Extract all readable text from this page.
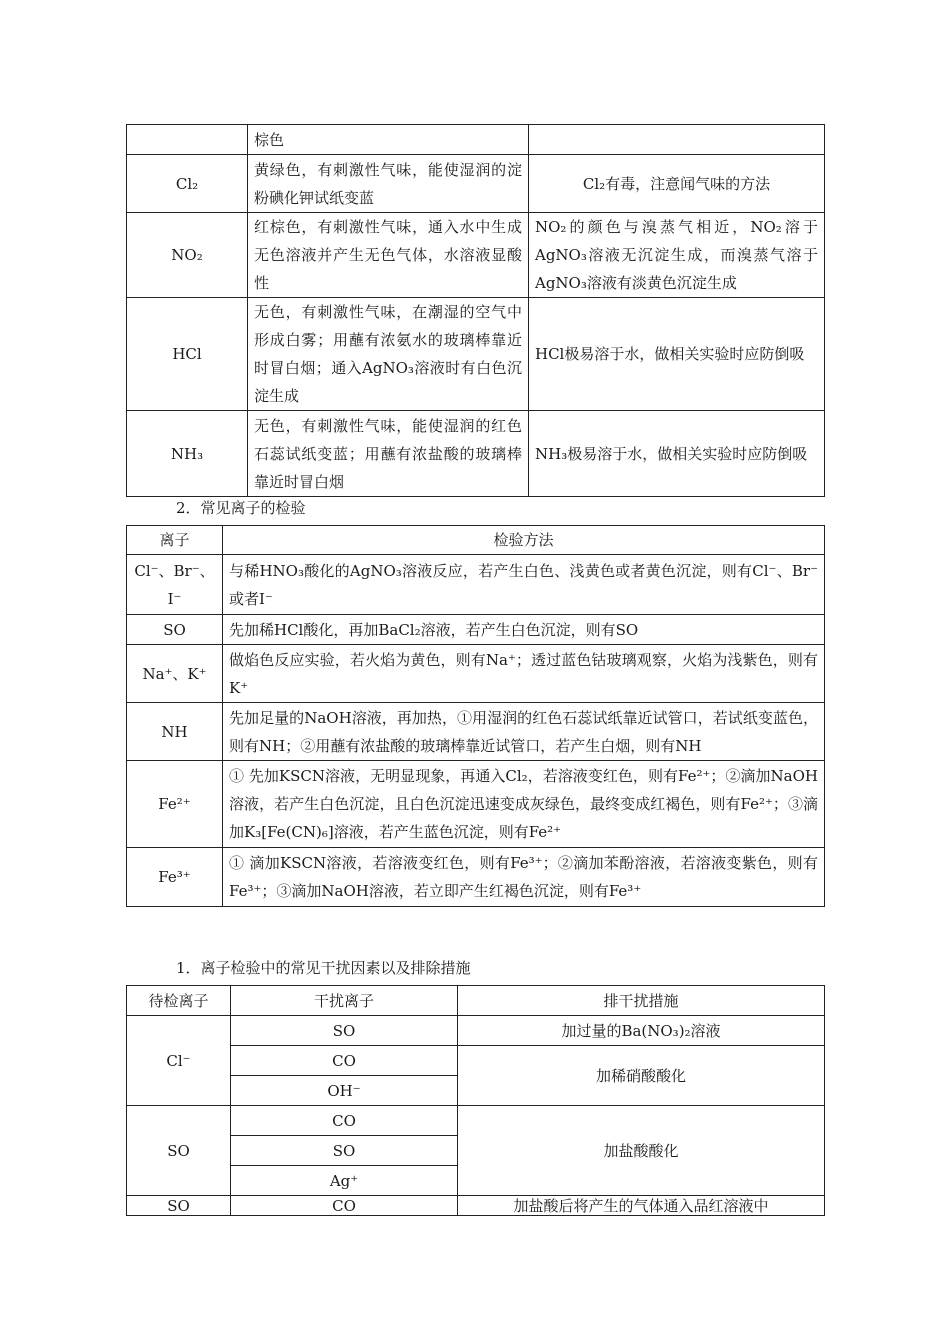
	棕色	
Cl₂	黄绿色，有刺激性气味，能使湿润的淀粉碘化钾试纸变蓝	Cl₂有毒，注意闻气味的方法
NO₂	红棕色，有刺激性气味，通入水中生成无色溶液并产生无色气体，水溶液显酸性	NO₂的颜色与溴蒸气相近，NO₂溶于AgNO₃溶液无沉淀生成，而溴蒸气溶于AgNO₃溶液有淡黄色沉淀生成
HCl	无色，有刺激性气味，在潮湿的空气中形成白雾；用蘸有浓氨水的玻璃棒靠近时冒白烟；通入AgNO₃溶液时有白色沉淀生成	HCl极易溶于水，做相关实验时应防倒吸
NH₃	无色，有刺激性气味，能使湿润的红色石蕊试纸变蓝；用蘸有浓盐酸的玻璃棒靠近时冒白烟	NH₃极易溶于水，做相关实验时应防倒吸
2．常见离子的检验
离子	检验方法
Cl⁻、Br⁻、I⁻	与稀HNO₃酸化的AgNO₃溶液反应，若产生白色、浅黄色或者黄色沉淀，则有Cl⁻、Br⁻或者I⁻
SO	先加稀HCl酸化，再加BaCl₂溶液，若产生白色沉淀，则有SO
Na⁺、K⁺	做焰色反应实验，若火焰为黄色，则有Na⁺；透过蓝色钴玻璃观察，火焰为浅紫色，则有K⁺
NH	先加足量的NaOH溶液，再加热，①用湿润的红色石蕊试纸靠近试管口，若试纸变蓝色，则有NH；②用蘸有浓盐酸的玻璃棒靠近试管口，若产生白烟，则有NH
Fe²⁺	① 先加KSCN溶液，无明显现象，再通入Cl₂，若溶液变红色，则有Fe²⁺；②滴加NaOH溶液，若产生白色沉淀，且白色沉淀迅速变成灰绿色，最终变成红褐色，则有Fe²⁺；③滴加K₃[Fe(CN)₆]溶液，若产生蓝色沉淀，则有Fe²⁺
Fe³⁺	① 滴加KSCN溶液，若溶液变红色，则有Fe³⁺；②滴加苯酚溶液，若溶液变紫色，则有Fe³⁺；③滴加NaOH溶液，若立即产生红褐色沉淀，则有Fe³⁺
1．离子检验中的常见干扰因素以及排除措施
待检离子	干扰离子	排干扰措施
Cl⁻	SO	加过量的Ba(NO₃)₂溶液
	CO	加稀硝酸酸化
	OH⁻	
SO	CO	加盐酸酸化
	SO	
	Ag⁺	
SO	CO	加盐酸后将产生的气体通入品红溶液中
